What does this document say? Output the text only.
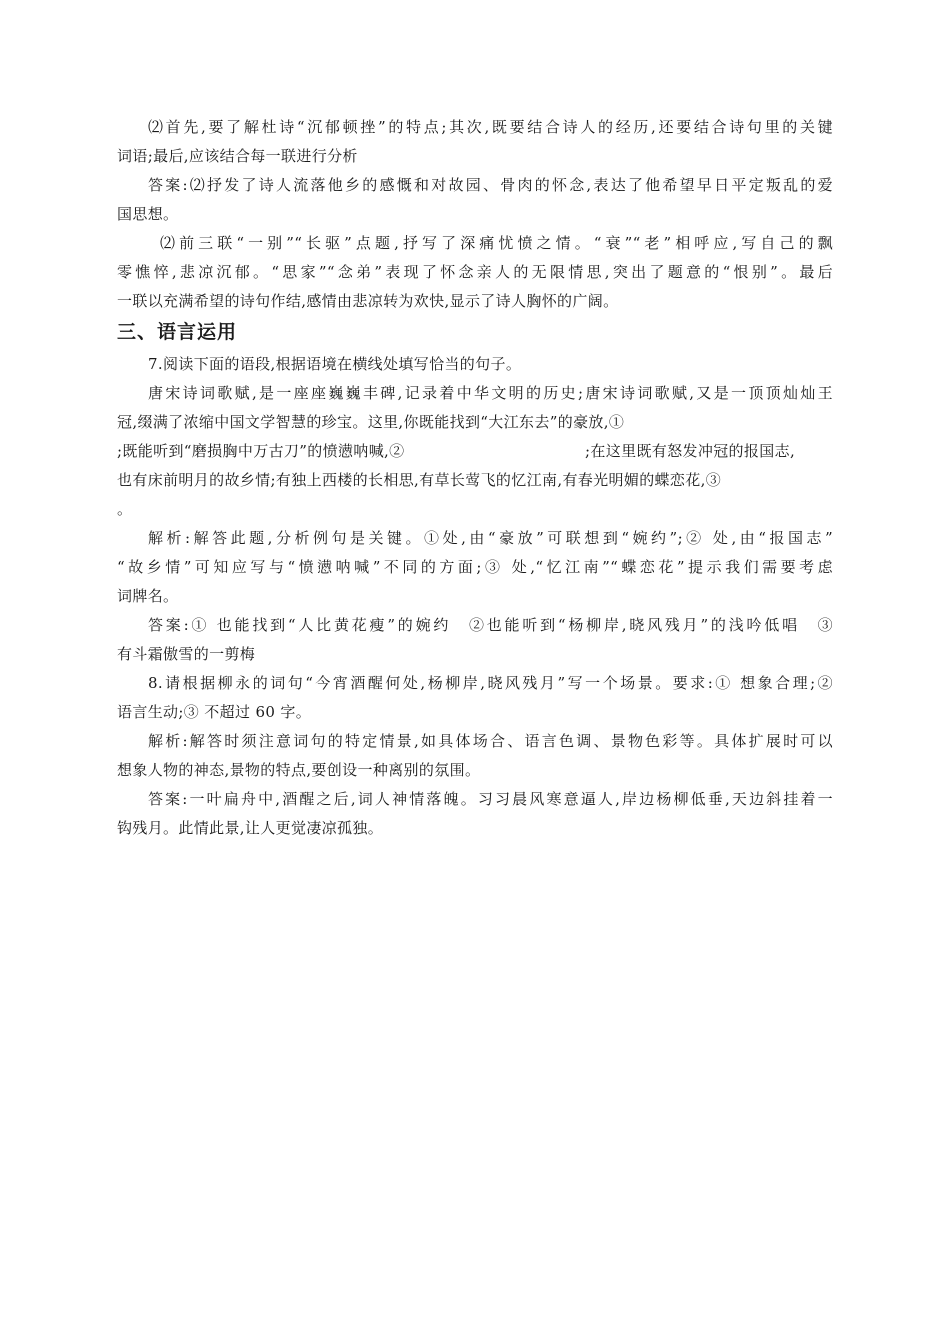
⑵首先,要了解杜诗“沉郁顿挫”的特点;其次,既要结合诗人的经历,还要结合诗句里的关键
词语;最后,应该结合每一联进行分析
答案:⑵抒发了诗人流落他乡的感慨和对故园、骨肉的怀念,表达了他希望早日平定叛乱的爱
国思想。
⑵前三联“一别”“长驱”点题,抒写了深痛忧愤之情。“衰”“老”相呼应,写自己的飘
零憔悴,悲凉沉郁。“思家”“念弟”表现了怀念亲人的无限情思,突出了题意的“恨别”。最后
一联以充满希望的诗句作结,感情由悲凉转为欢快,显示了诗人胸怀的广阔。
三、语言运用
7.阅读下面的语段,根据语境在横线处填写恰当的句子。
唐宋诗词歌赋,是一座座巍巍丰碑,记录着中华文明的历史;唐宋诗词歌赋,又是一顶顶灿灿王
冠,缀满了浓缩中国文学智慧的珍宝。这里,你既能找到“大江东去”的豪放,①
;既能听到“磨损胸中万古刀”的愤懑呐喊,②	;在这里既有怒发冲冠的报国志,
也有床前明月的故乡情;有独上西楼的长相思,有草长莺飞的忆江南,有春光明媚的蝶恋花,③
。
解析:解答此题,分析例句是关键。①处,由“豪放”可联想到“婉约”;② 处,由“报国志”
“故乡情”可知应写与“愤懑呐喊”不同的方面;③ 处,“忆江南”“蝶恋花”提示我们需要考虑
词牌名。
答案:① 也能找到“人比黄花瘦”的婉约　②也能听到“杨柳岸,晓风残月”的浅吟低唱　③
有斗霜傲雪的一剪梅
8.请根据柳永的词句“今宵酒醒何处,杨柳岸,晓风残月”写一个场景。要求:① 想象合理;②
语言生动;③ 不超过 60 字。
解析:解答时须注意词句的特定情景,如具体场合、语言色调、景物色彩等。具体扩展时可以
想象人物的神态,景物的特点,要创设一种离别的氛围。
答案:一叶扁舟中,酒醒之后,词人神情落魄。习习晨风寒意逼人,岸边杨柳低垂,天边斜挂着一
钩残月。此情此景,让人更觉凄凉孤独。
